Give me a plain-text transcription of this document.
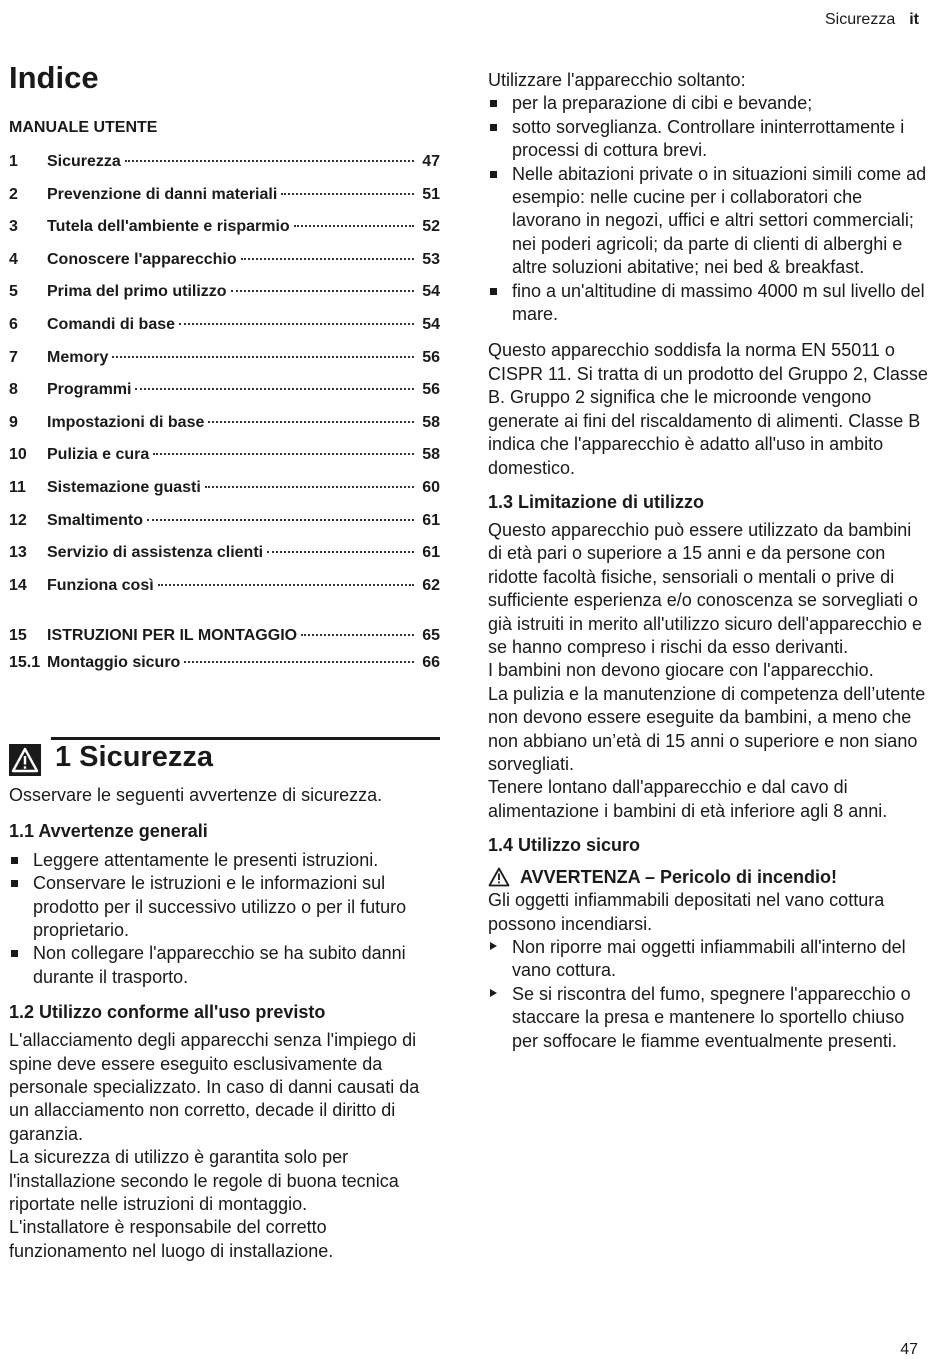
Sicurezza it
Indice
MANUALE UTENTE
1	Sicurezza	47
2	Prevenzione di danni materiali	51
3	Tutela dell'ambiente e risparmio	52
4	Conoscere l'apparecchio	53
5	Prima del primo utilizzo	54
6	Comandi di base	54
7	Memory	56
8	Programmi	56
9	Impostazioni di base	58
10	Pulizia e cura	58
11	Sistemazione guasti	60
12	Smaltimento	61
13	Servizio di assistenza clienti	61
14	Funziona così	62
15	ISTRUZIONI PER IL MONTAGGIO	65
15.1 Montaggio sicuro	66
1 Sicurezza

Osservare le seguenti avvertenze di sicurezza.

1.1 Avvertenze generali
Leggere attentamente le presenti istruzioni.
Conservare le istruzioni e le informazioni sul prodotto per il successivo utilizzo o per il futuro proprietario.
Non collegare l'apparecchio se ha subito danni durante il trasporto.
1.2 Utilizzo conforme all'uso previsto

L'allacciamento degli apparecchi senza l'impiego di spine deve essere eseguito esclusivamente da personale specializzato. In caso di danni causati da un allacciamento non corretto, decade il diritto di garanzia.

La sicurezza di utilizzo è garantita solo per l'installazione secondo le regole di buona tecnica riportate nelle istruzioni di montaggio.

L'installatore è responsabile del corretto funzionamento nel luogo di installazione.

Utilizzare l'apparecchio soltanto:

per la preparazione di cibi e bevande;
sotto sorveglianza. Controllare ininterrottamente i processi di cottura brevi.
Nelle abitazioni private o in situazioni simili come ad esempio: nelle cucine per i collaboratori che lavorano in negozi, uffici e altri settori commerciali; nei poderi agricoli; da parte di clienti di alberghi e altre soluzioni abitative; nei bed & breakfast.
fino a un'altitudine di massimo 4000 m sul livello del mare.

Questo apparecchio soddisfa la norma EN 55011 o CISPR 11. Si tratta di un prodotto del Gruppo 2, Classe B. Gruppo 2 significa che le microonde vengono generate ai fini del riscaldamento di alimenti. Classe B indica che l'apparecchio è adatto all'uso in ambito domestico.

1.3 Limitazione di utilizzo

Questo apparecchio può essere utilizzato da bambini di età pari o superiore a 15 anni e da persone con ridotte facoltà fisiche, sensoriali o mentali o prive di sufficiente esperienza e/o conoscenza se sorvegliati o già istruiti in merito all'utilizzo sicuro dell'apparecchio e se hanno compreso i rischi da esso derivanti.

I bambini non devono giocare con l'apparecchio.

La pulizia e la manutenzione di competenza dell’utente non devono essere eseguite da bambini, a meno che non abbiano un’età di 15 anni o superiore e non siano sorvegliati.

Tenere lontano dall'apparecchio e dal cavo di alimentazione i bambini di età inferiore agli 8 anni.

1.4 Utilizzo sicuro
AVVERTENZA – Pericolo di incendio!

Gli oggetti infiammabili depositati nel vano cottura possono incendiarsi.

Non riporre mai oggetti infiammabili all'interno del vano cottura.
Se si riscontra del fumo, spegnere l'apparecchio o staccare la presa e mantenere lo sportello chiuso per soffocare le fiamme eventualmente presenti.
47
